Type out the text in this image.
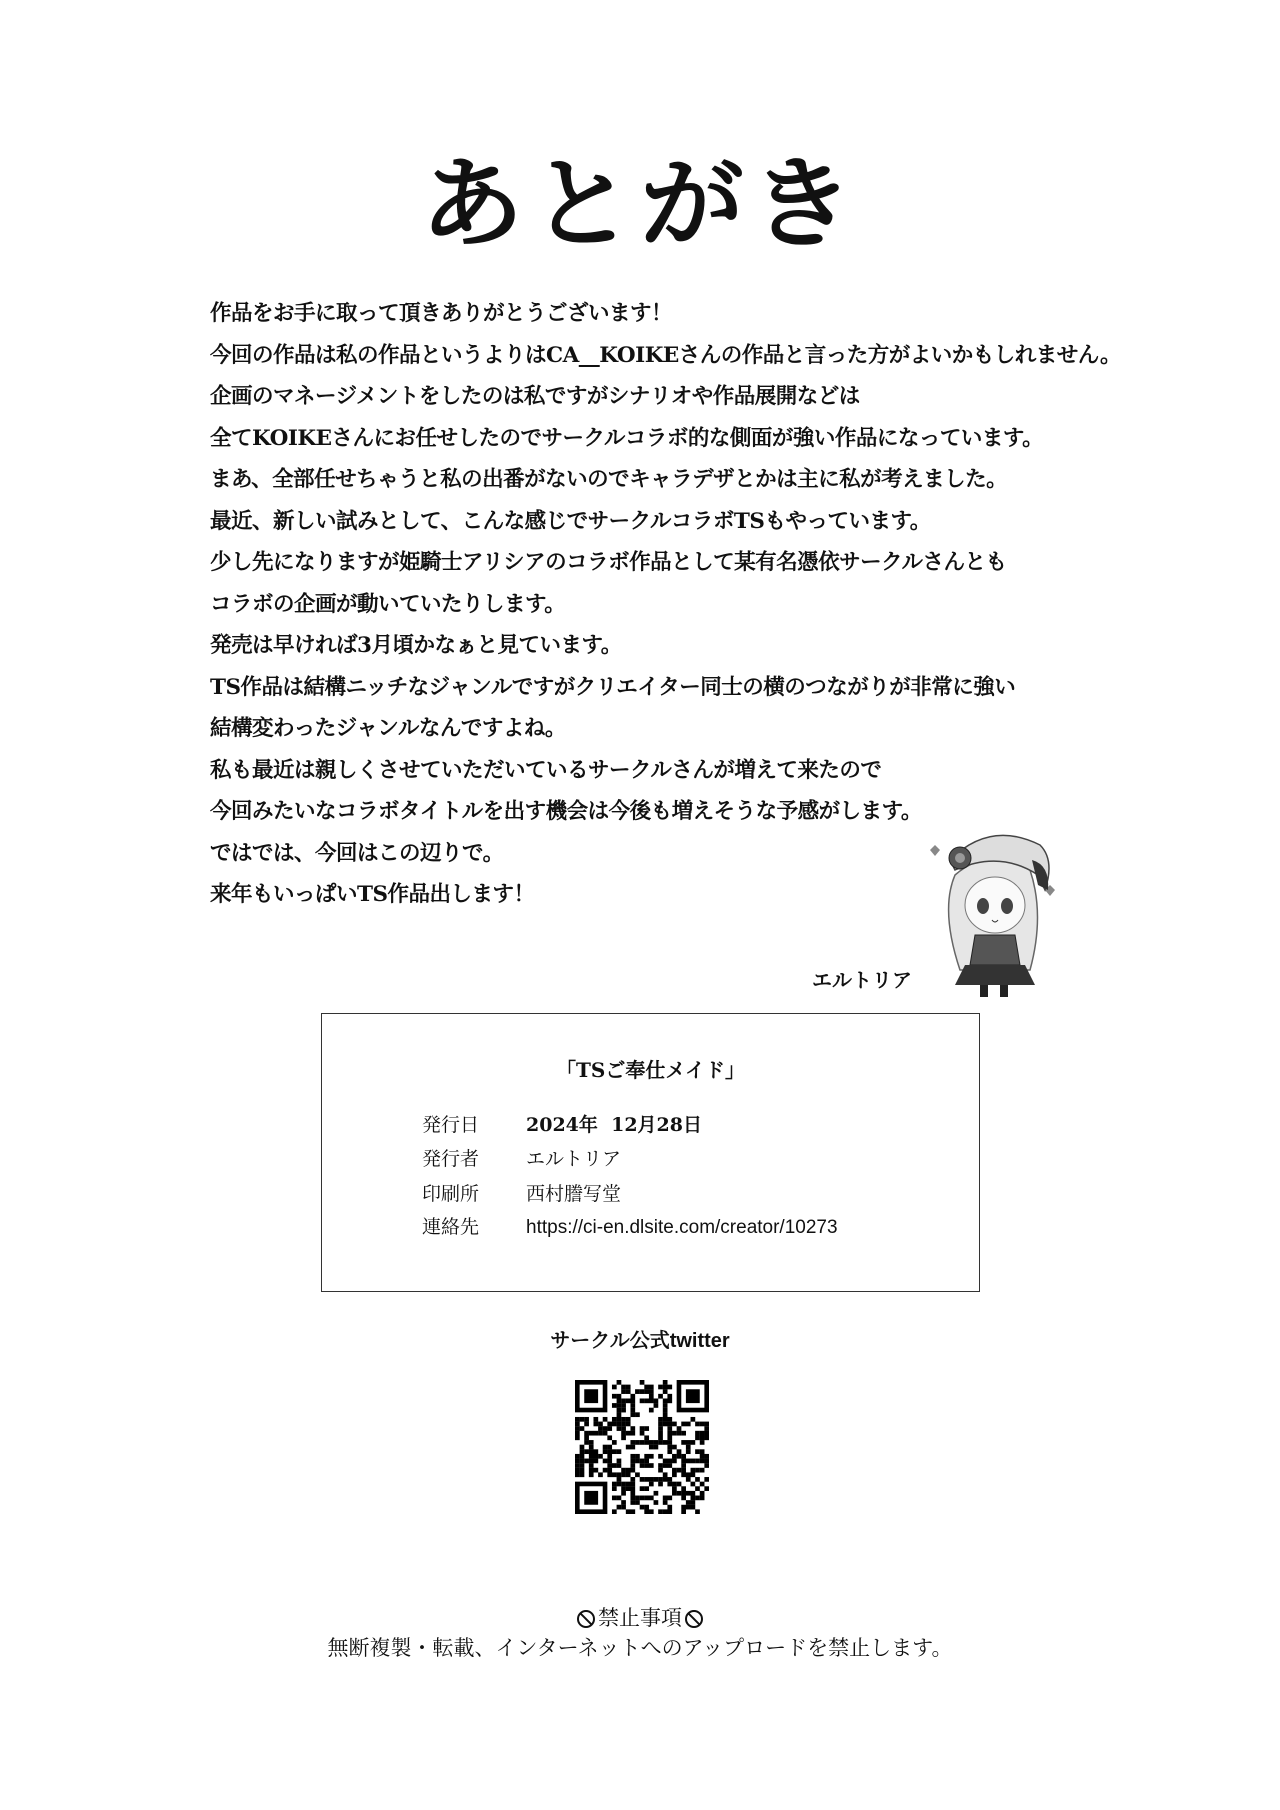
あとがき
作品をお手に取って頂きありがとうございます！
今回の作品は私の作品というよりはCA__KOIKEさんの作品と言った方がよいかもしれません。
企画のマネージメントをしたのは私ですがシナリオや作品展開などは
全てKOIKEさんにお任せしたのでサークルコラボ的な側面が強い作品になっています。
まあ、全部任せちゃうと私の出番がないのでキャラデザとかは主に私が考えました。
最近、新しい試みとして、こんな感じでサークルコラボTSもやっています。
少し先になりますが姫騎士アリシアのコラボ作品として某有名憑依サークルさんとも
コラボの企画が動いていたりします。
発売は早ければ3月頃かなぁと見ています。
TS作品は結構ニッチなジャンルですがクリエイター同士の横のつながりが非常に強い
結構変わったジャンルなんですよね。
私も最近は親しくさせていただいているサークルさんが増えて来たので
今回みたいなコラボタイトルを出す機会は今後も増えそうな予感がします。
ではでは、今回はこの辺りで。
来年もいっぱいTS作品出します！
エルトリア
「TSご奉仕メイド」
発行日 2024年  12月28日
発行者 エルトリア
印刷所 西村謄写堂
連絡先 https://ci-en.dlsite.com/creator/10273
サークル公式twitter
禁止事項
無断複製・転載、インターネットへのアップロードを禁止します。
